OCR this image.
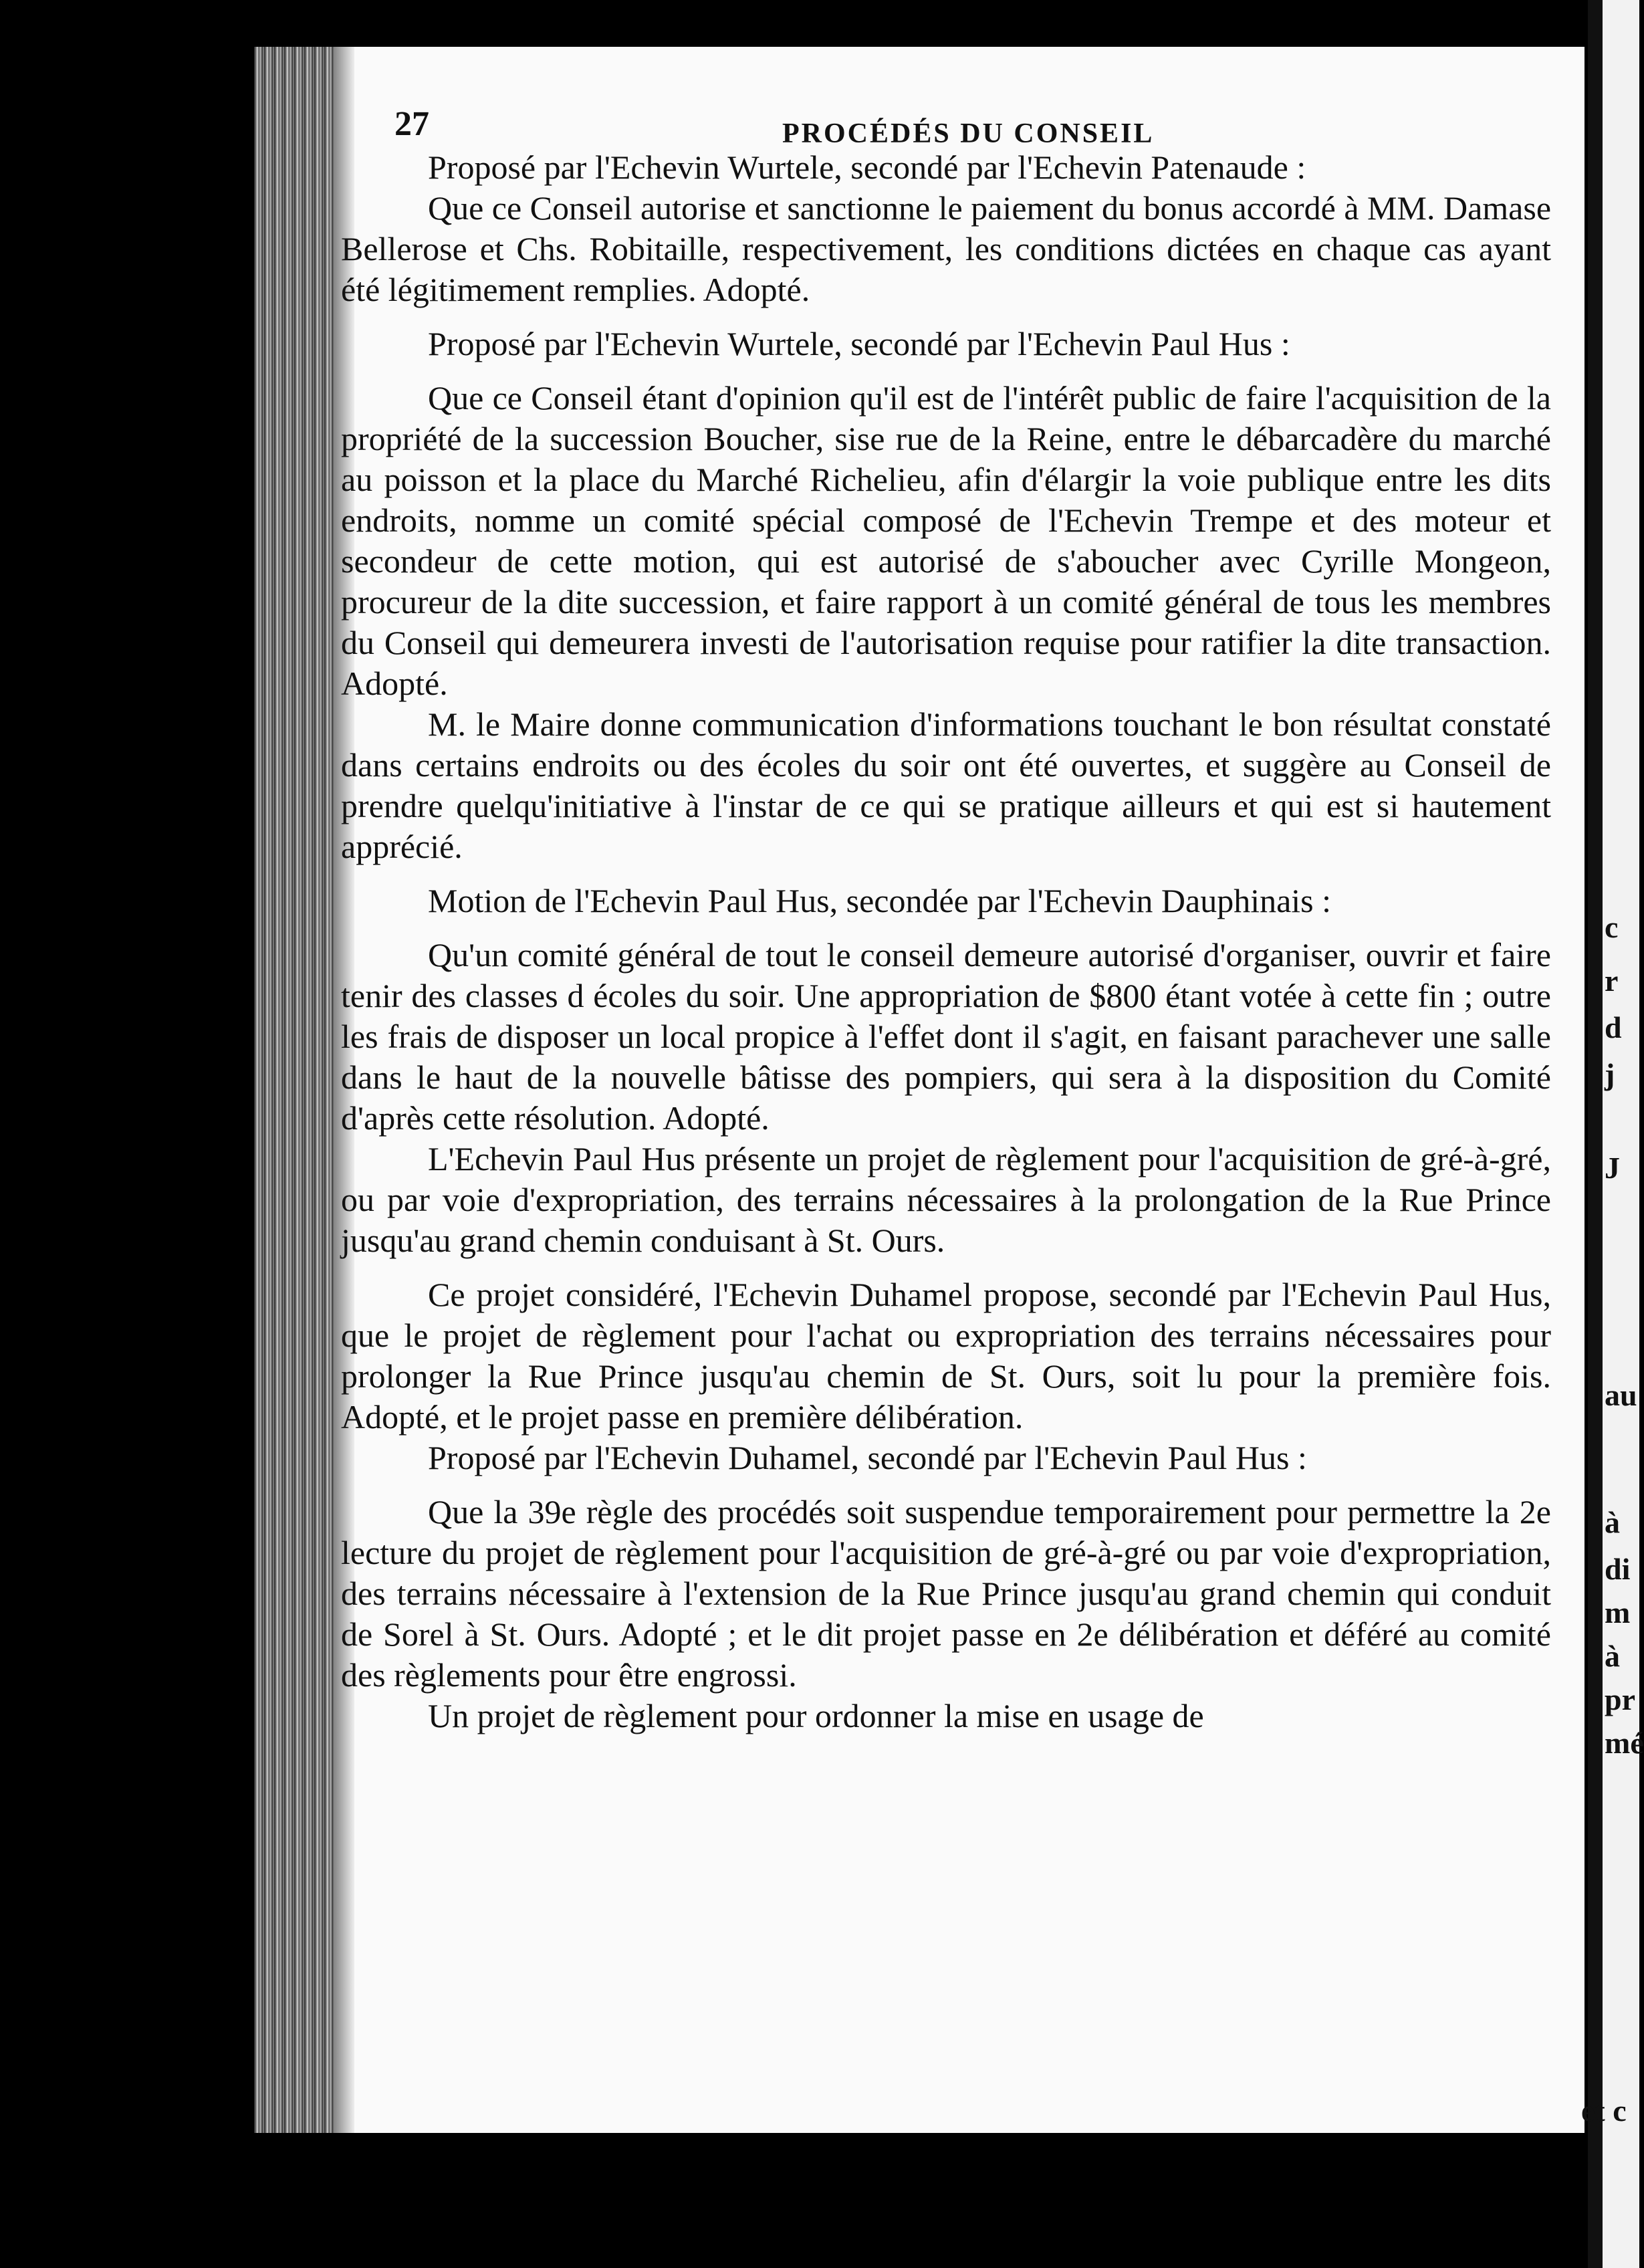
c
r
d
j
J
au
à
di
m
à
pr
mé
et c
27	PROCÉDÉS DU CONSEIL

Proposé par l'Echevin Wurtele, secondé par l'Echevin Patenaude :

Que ce Conseil autorise et sanctionne le paiement du bonus accordé à MM. Damase Bellerose et Chs. Robitaille, respectivement, les conditions dictées en chaque cas ayant été légitimement remplies. Adopté.

Proposé par l'Echevin Wurtele, secondé par l'Echevin Paul Hus :

Que ce Conseil étant d'opinion qu'il est de l'intérêt public de faire l'acquisition de la propriété de la succession Boucher, sise rue de la Reine, entre le débarcadère du marché au poisson et la place du Marché Richelieu, afin d'élargir la voie publique entre les dits endroits, nomme un comité spécial composé de l'Echevin Trempe et des moteur et secondeur de cette motion, qui est autorisé de s'aboucher avec Cyrille Mongeon, procureur de la dite succession, et faire rapport à un comité général de tous les membres du Conseil qui demeurera investi de l'autorisation requise pour ratifier la dite transaction. Adopté.

M. le Maire donne communication d'informations touchant le bon résultat constaté dans certains endroits ou des écoles du soir ont été ouvertes, et suggère au Conseil de prendre quelqu'initiative à l'instar de ce qui se pratique ailleurs et qui est si hautement apprécié.

Motion de l'Echevin Paul Hus, secondée par l'Echevin Dauphinais :

Qu'un comité général de tout le conseil demeure autorisé d'organiser, ouvrir et faire tenir des classes d écoles du soir. Une appropriation de $800 étant votée à cette fin ; outre les frais de disposer un local propice à l'effet dont il s'agit, en faisant parachever une salle dans le haut de la nouvelle bâtisse des pompiers, qui sera à la disposition du Comité d'après cette résolution. Adopté.

L'Echevin Paul Hus présente un projet de règlement pour l'acquisition de gré-à-gré, ou par voie d'expropriation, des terrains nécessaires à la prolongation de la Rue Prince jusqu'au grand chemin conduisant à St. Ours.

Ce projet considéré, l'Echevin Duhamel propose, secondé par l'Echevin Paul Hus, que le projet de règlement pour l'achat ou expropriation des terrains nécessaires pour prolonger la Rue Prince jusqu'au chemin de St. Ours, soit lu pour la première fois. Adopté, et le projet passe en première délibération.

Proposé par l'Echevin Duhamel, secondé par l'Echevin Paul Hus :

Que la 39e règle des procédés soit suspendue temporairement pour permettre la 2e lecture du projet de règlement pour l'acquisition de gré-à-gré ou par voie d'expropriation, des terrains nécessaire à l'extension de la Rue Prince jusqu'au grand chemin qui conduit de Sorel à St. Ours. Adopté ; et le dit projet passe en 2e délibération et déféré au comité des règlements pour être engrossi.

Un projet de règlement pour ordonner la mise en usage de
